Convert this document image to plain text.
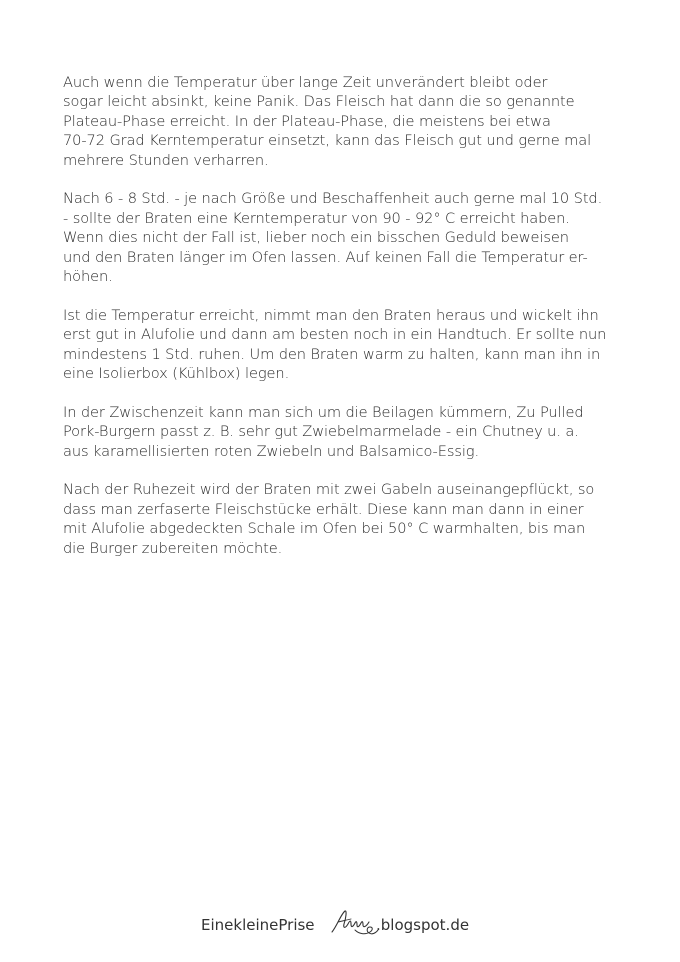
Auch wenn die Temperatur über lange Zeit unverändert bleibt oder
sogar leicht absinkt, keine Panik. Das Fleisch hat dann die so genannte
Plateau-Phase erreicht. In der Plateau-Phase, die meistens bei etwa
70-72 Grad Kerntemperatur einsetzt, kann das Fleisch gut und gerne mal
mehrere Stunden verharren.
Nach 6 - 8 Std. - je nach Größe und Beschaffenheit auch gerne mal 10 Std.
- sollte der Braten eine Kerntemperatur von 90 - 92° C erreicht haben.
Wenn dies nicht der Fall ist, lieber noch ein bisschen Geduld beweisen
und den Braten länger im Ofen lassen. Auf keinen Fall die Temperatur er-
höhen.
Ist die Temperatur erreicht, nimmt man den Braten heraus und wickelt ihn
erst gut in Alufolie und dann am besten noch in ein Handtuch. Er sollte nun
mindestens 1 Std. ruhen. Um den Braten warm zu halten, kann man ihn in
eine Isolierbox (Kühlbox) legen.
In der Zwischenzeit kann man sich um die Beilagen kümmern, Zu Pulled
Pork-Burgern passt z. B. sehr gut Zwiebelmarmelade - ein Chutney u. a.
aus karamellisierten roten Zwiebeln und Balsamico-Essig.
Nach der Ruhezeit wird der Braten mit zwei Gabeln auseinangepflückt, so
dass man zerfaserte Fleischstücke erhält. Diese kann man dann in einer
mit Alufolie abgedeckten Schale im Ofen bei 50° C warmhalten, bis man
die Burger zubereiten möchte.
EinekleinePrise	.blogspot.de
